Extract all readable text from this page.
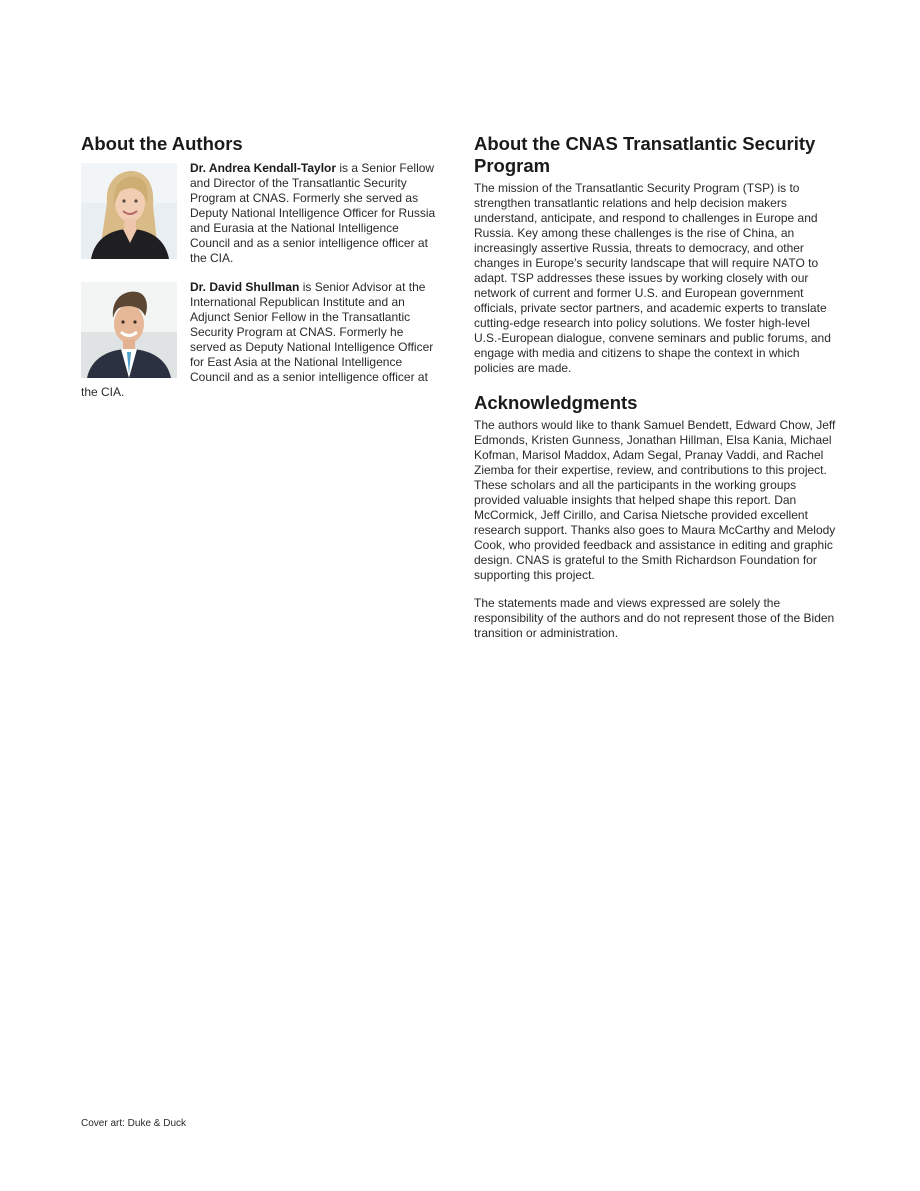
About the Authors

Dr. Andrea Kendall-Taylor is a Senior Fellow and Director of the Transatlantic Security Program at CNAS. Formerly she served as Deputy National Intelligence Officer for Russia and Eurasia at the National Intelligence Council and as a senior intelligence officer at the CIA.

Dr. David Shullman is Senior Advisor at the International Republican Institute and an Adjunct Senior Fellow in the Transatlantic Security Program at CNAS. Formerly he served as Deputy National Intelligence Officer for East Asia at the National Intelligence Council and as a senior intelligence officer at the CIA.

About the CNAS Transatlantic Security Program

The mission of the Transatlantic Security Program (TSP) is to strengthen transatlantic relations and help decision makers understand, anticipate, and respond to challenges in Europe and Russia. Key among these challenges is the rise of China, an increasingly assertive Russia, threats to democracy, and other changes in Europe’s security landscape that will require NATO to adapt. TSP addresses these issues by working closely with our network of current and former U.S. and European government officials, private sector partners, and academic experts to translate cutting-edge research into policy solutions. We foster high-level U.S.-European dialogue, convene seminars and public forums, and engage with media and citizens to shape the context in which policies are made.

Acknowledgments

The authors would like to thank Samuel Bendett, Edward Chow, Jeff Edmonds, Kristen Gunness, Jonathan Hillman, Elsa Kania, Michael Kofman, Marisol Maddox, Adam Segal, Pranay Vaddi, and Rachel Ziemba for their expertise, review, and contributions to this project. These scholars and all the participants in the working groups provided valuable insights that helped shape this report. Dan McCormick, Jeff Cirillo, and Carisa Nietsche provided excellent research support. Thanks also goes to Maura McCarthy and Melody Cook, who provided feedback and assistance in editing and graphic design. CNAS is grateful to the Smith Richardson Foundation for supporting this project.

The statements made and views expressed are solely the responsibility of the authors and do not represent those of the Biden transition or administration.

Cover art: Duke & Duck
